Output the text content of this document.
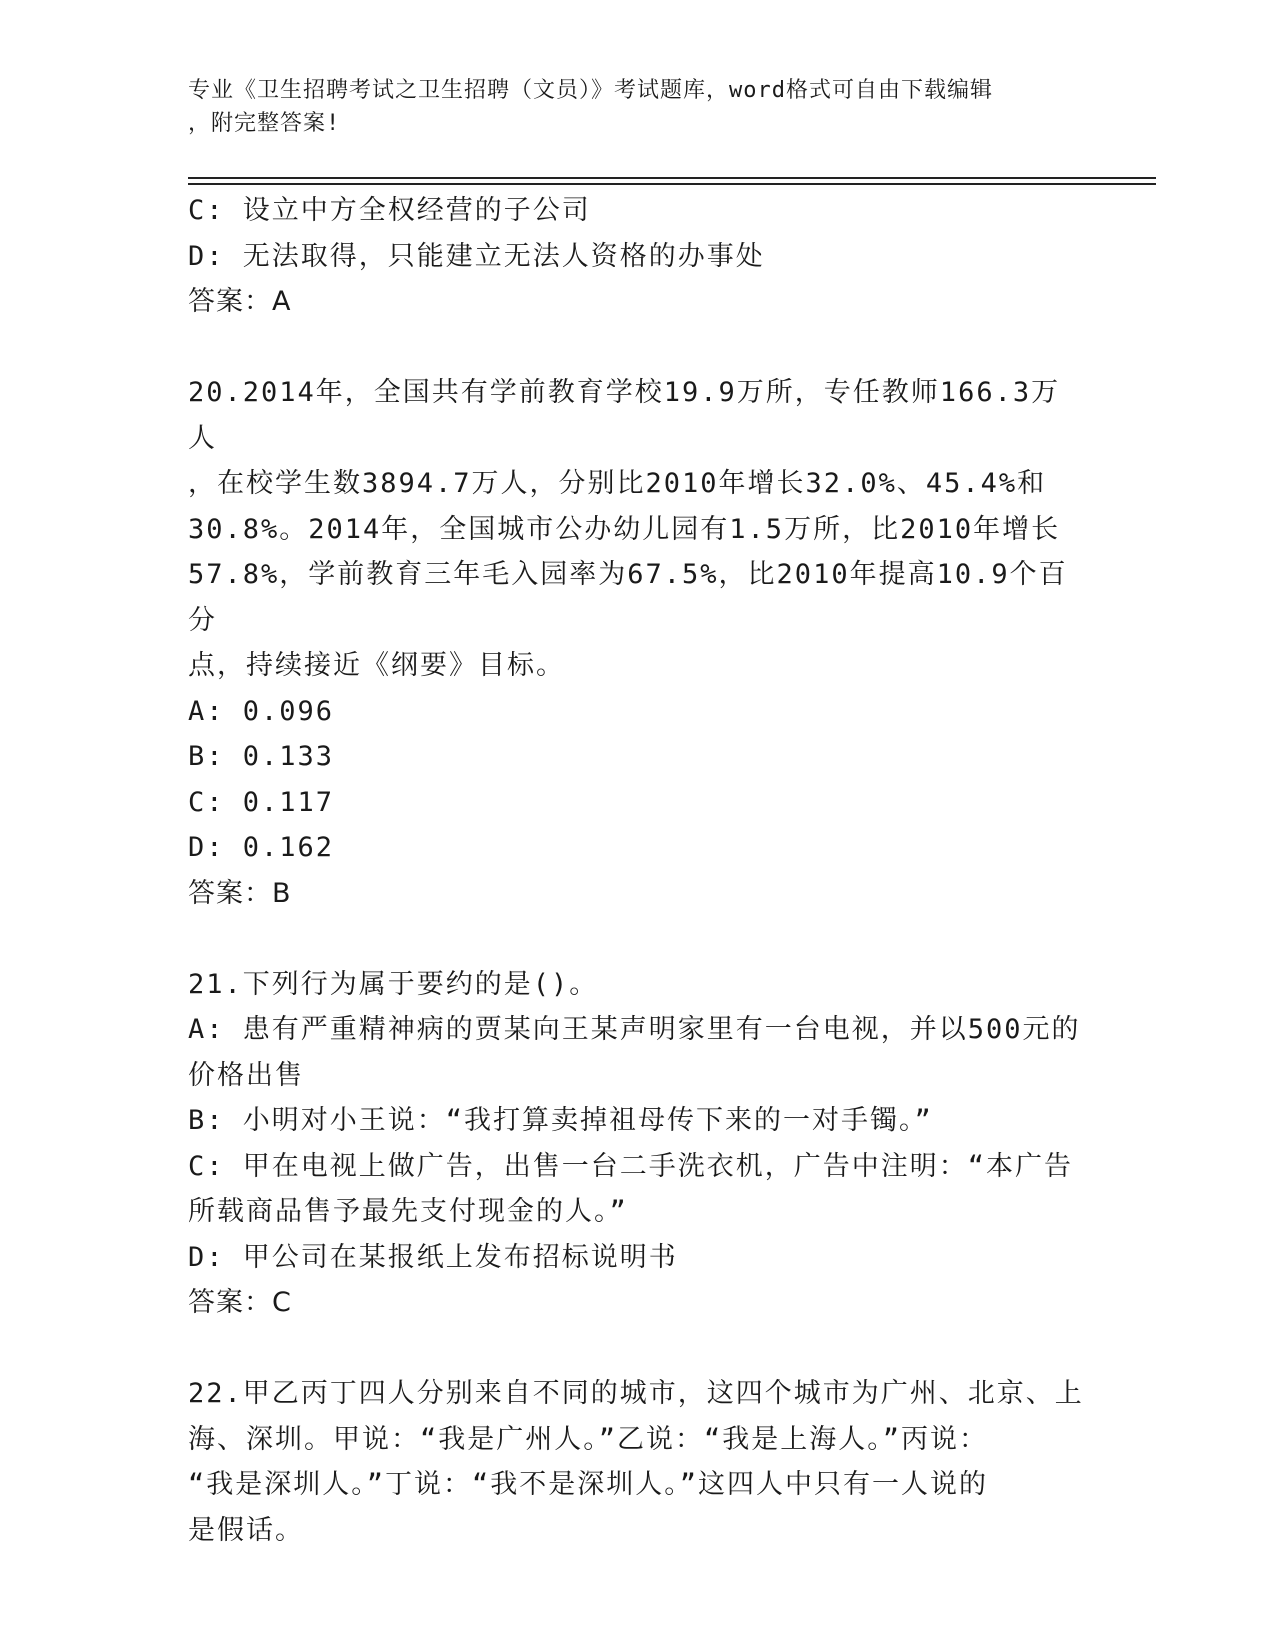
专业《卫生招聘考试之卫生招聘（文员）》考试题库，word格式可自由下载编辑
，附完整答案!
C: 设立中方全权经营的子公司
D: 无法取得，只能建立无法人资格的办事处
答案：A
20.2014年，全国共有学前教育学校19.9万所，专任教师166.3万人
，在校学生数3894.7万人，分别比2010年增长32.0%、45.4%和
30.8%。2014年，全国城市公办幼儿园有1.5万所，比2010年增长
57.8%，学前教育三年毛入园率为67.5%，比2010年提高10.9个百分
点，持续接近《纲要》目标。
A: 0.096
B: 0.133
C: 0.117
D: 0.162
答案：B
21.下列行为属于要约的是()。
A: 患有严重精神病的贾某向王某声明家里有一台电视，并以500元的
价格出售
B: 小明对小王说：“我打算卖掉祖母传下来的一对手镯。”
C: 甲在电视上做广告，出售一台二手洗衣机，广告中注明：“本广告
所载商品售予最先支付现金的人。”
D: 甲公司在某报纸上发布招标说明书
答案：C
22.甲乙丙丁四人分别来自不同的城市，这四个城市为广州、北京、上
海、深圳。甲说：“我是广州人。”乙说：“我是上海人。”丙说：
“我是深圳人。”丁说：“我不是深圳人。”这四人中只有一人说的
是假话。
